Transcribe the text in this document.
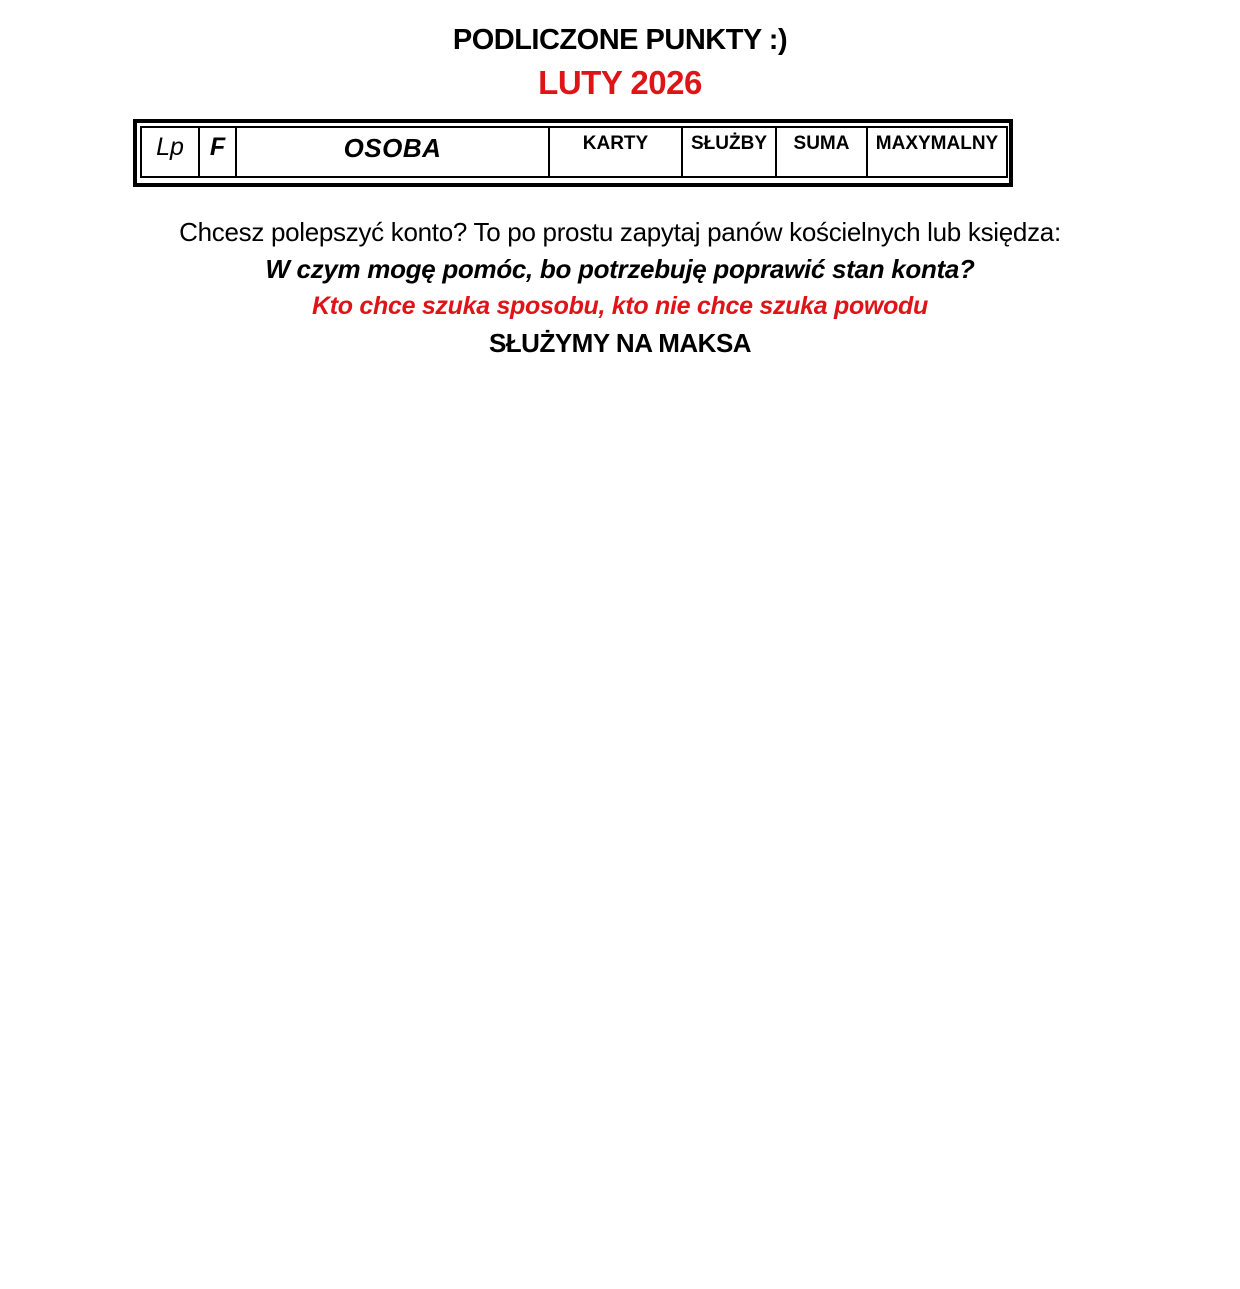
PODLICZONE PUNKTY :)
LUTY 2026
Lp	F	OSOBA	KARTY	SŁUŻBY	SUMA	MAXYMALNY

Chcesz polepszyć konto? To po prostu zapytaj panów kościelnych lub księdza:

W czym mogę pomóc, bo potrzebuję poprawić stan konta?

Kto chce szuka sposobu, kto nie chce szuka powodu

SŁUŻYMY NA MAKSA
